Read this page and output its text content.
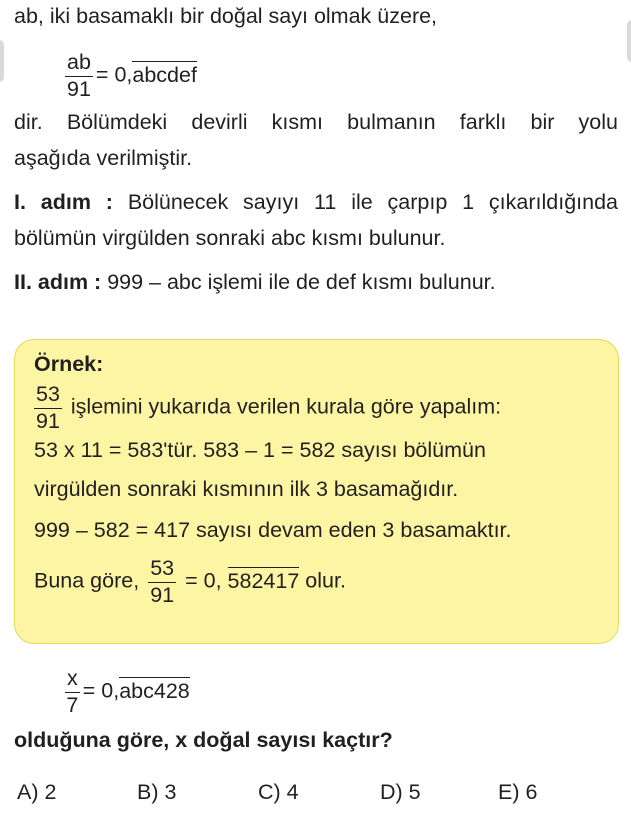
ab, iki basamaklı bir doğal sayı olmak üzere,
$\frac{ab}{91}$ = 0,abcdef
dir. Bölümdeki devirli kısmı bulmanın farklı bir yolu
aşağıda verilmiştir.
I. adım : Bölünecek sayıyı 11 ile çarpıp 1 çıkarıldığında
bölümün virgülden sonraki abc kısmı bulunur.
II. adım : 999 – abc işlemi ile de def kısmı bulunur.
Örnek:
$\frac{53}{91}$ işlemini yukarıda verilen kurala göre yapalım:
53 x 11 = 583'tür. 583 – 1 = 582 sayısı bölümün
virgülden sonraki kısmının ilk 3 basamağıdır.
999 – 582 = 417 sayısı devam eden 3 basamaktır.
Buna göre, $\frac{53}{91} = 0$, 582417 olur.
$\frac{x}{7} = 0,abc428$
olduğuna göre, x doğal sayısı kaçtır?
A) 2	B) 3	C) 4	D) 5	E) 6
